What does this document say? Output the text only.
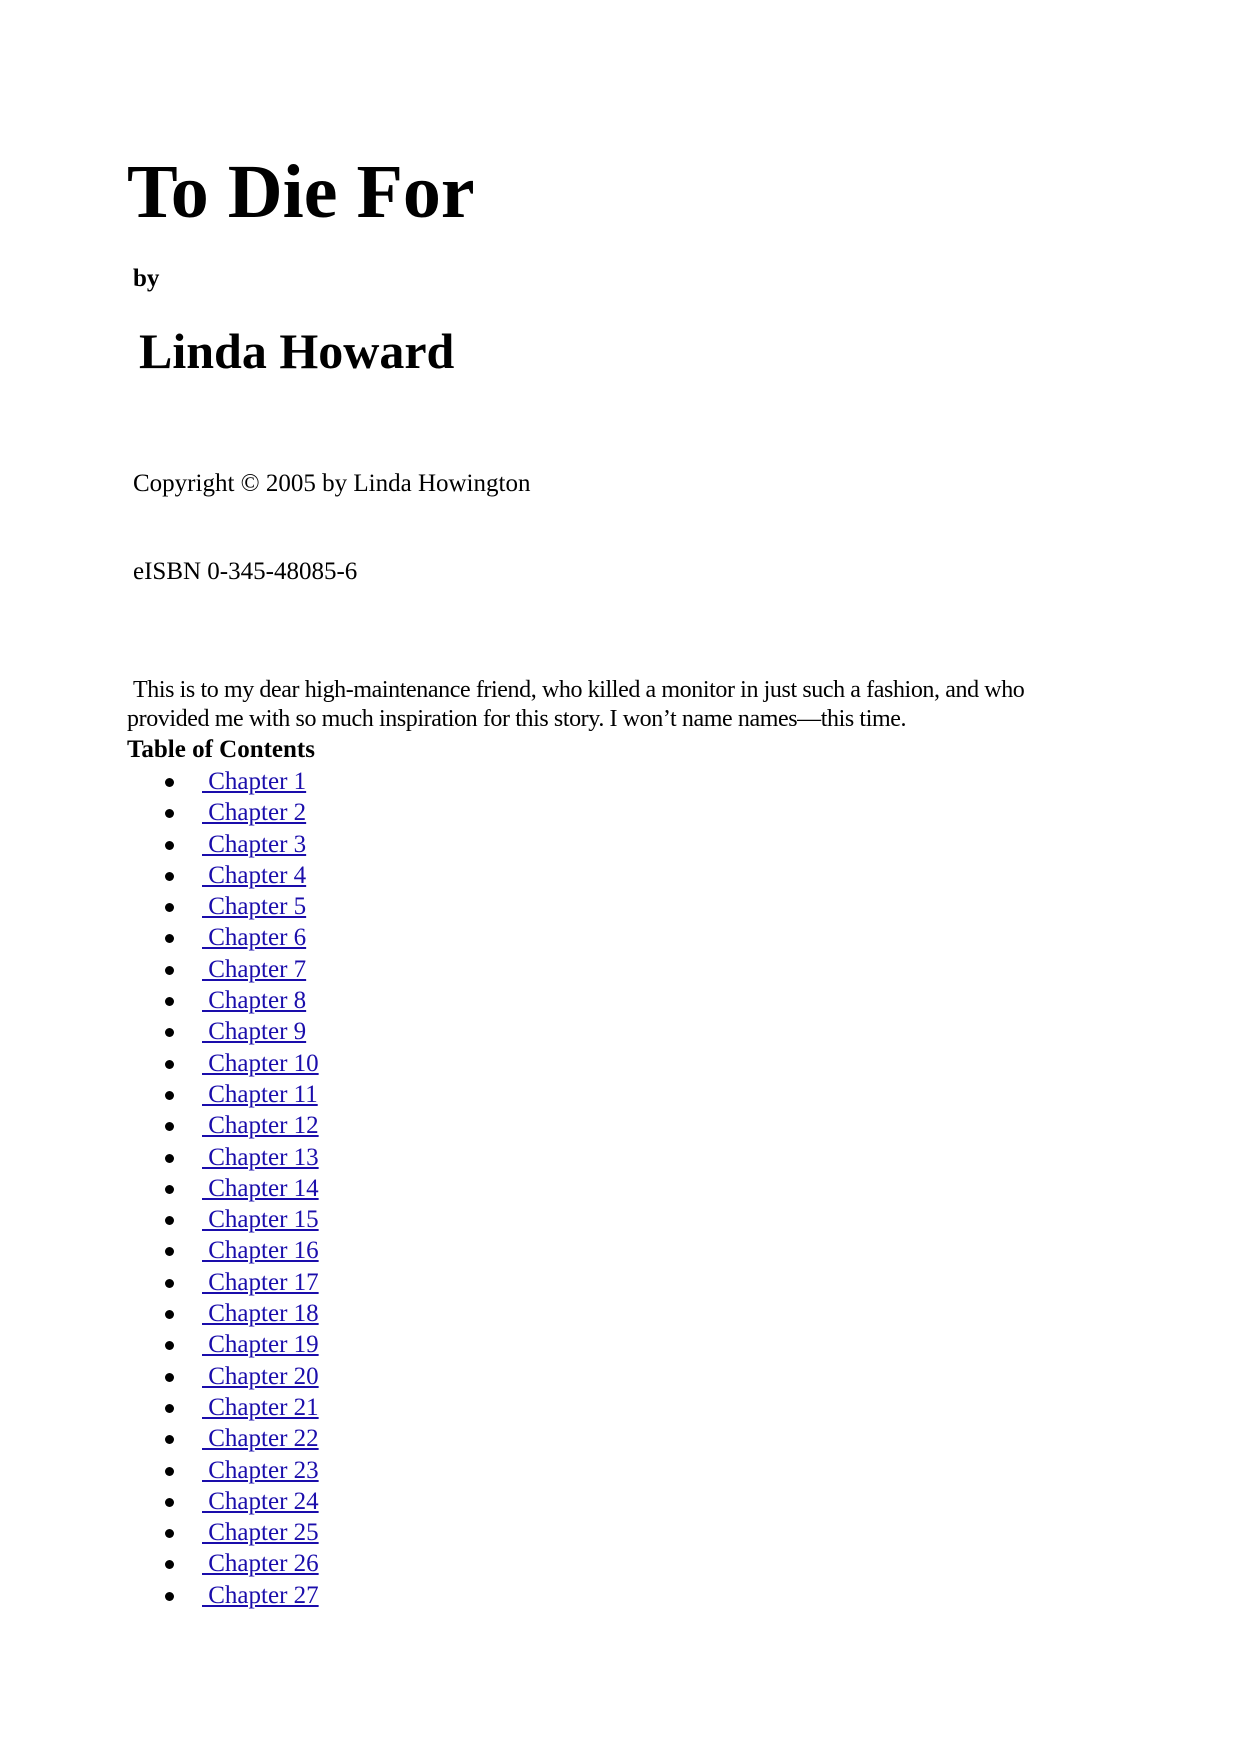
To Die For

by

Linda Howard

Copyright © 2005 by Linda Howington

eISBN 0-345-48085-6

This is to my dear high-maintenance friend, who killed a monitor in just such a fashion, and who provided me with so much inspiration for this story. I won’t name names—this time.

Table of Contents

Chapter 1
Chapter 2
Chapter 3
Chapter 4
Chapter 5
Chapter 6
Chapter 7
Chapter 8
Chapter 9
Chapter 10
Chapter 11
Chapter 12
Chapter 13
Chapter 14
Chapter 15
Chapter 16
Chapter 17
Chapter 18
Chapter 19
Chapter 20
Chapter 21
Chapter 22
Chapter 23
Chapter 24
Chapter 25
Chapter 26
Chapter 27
